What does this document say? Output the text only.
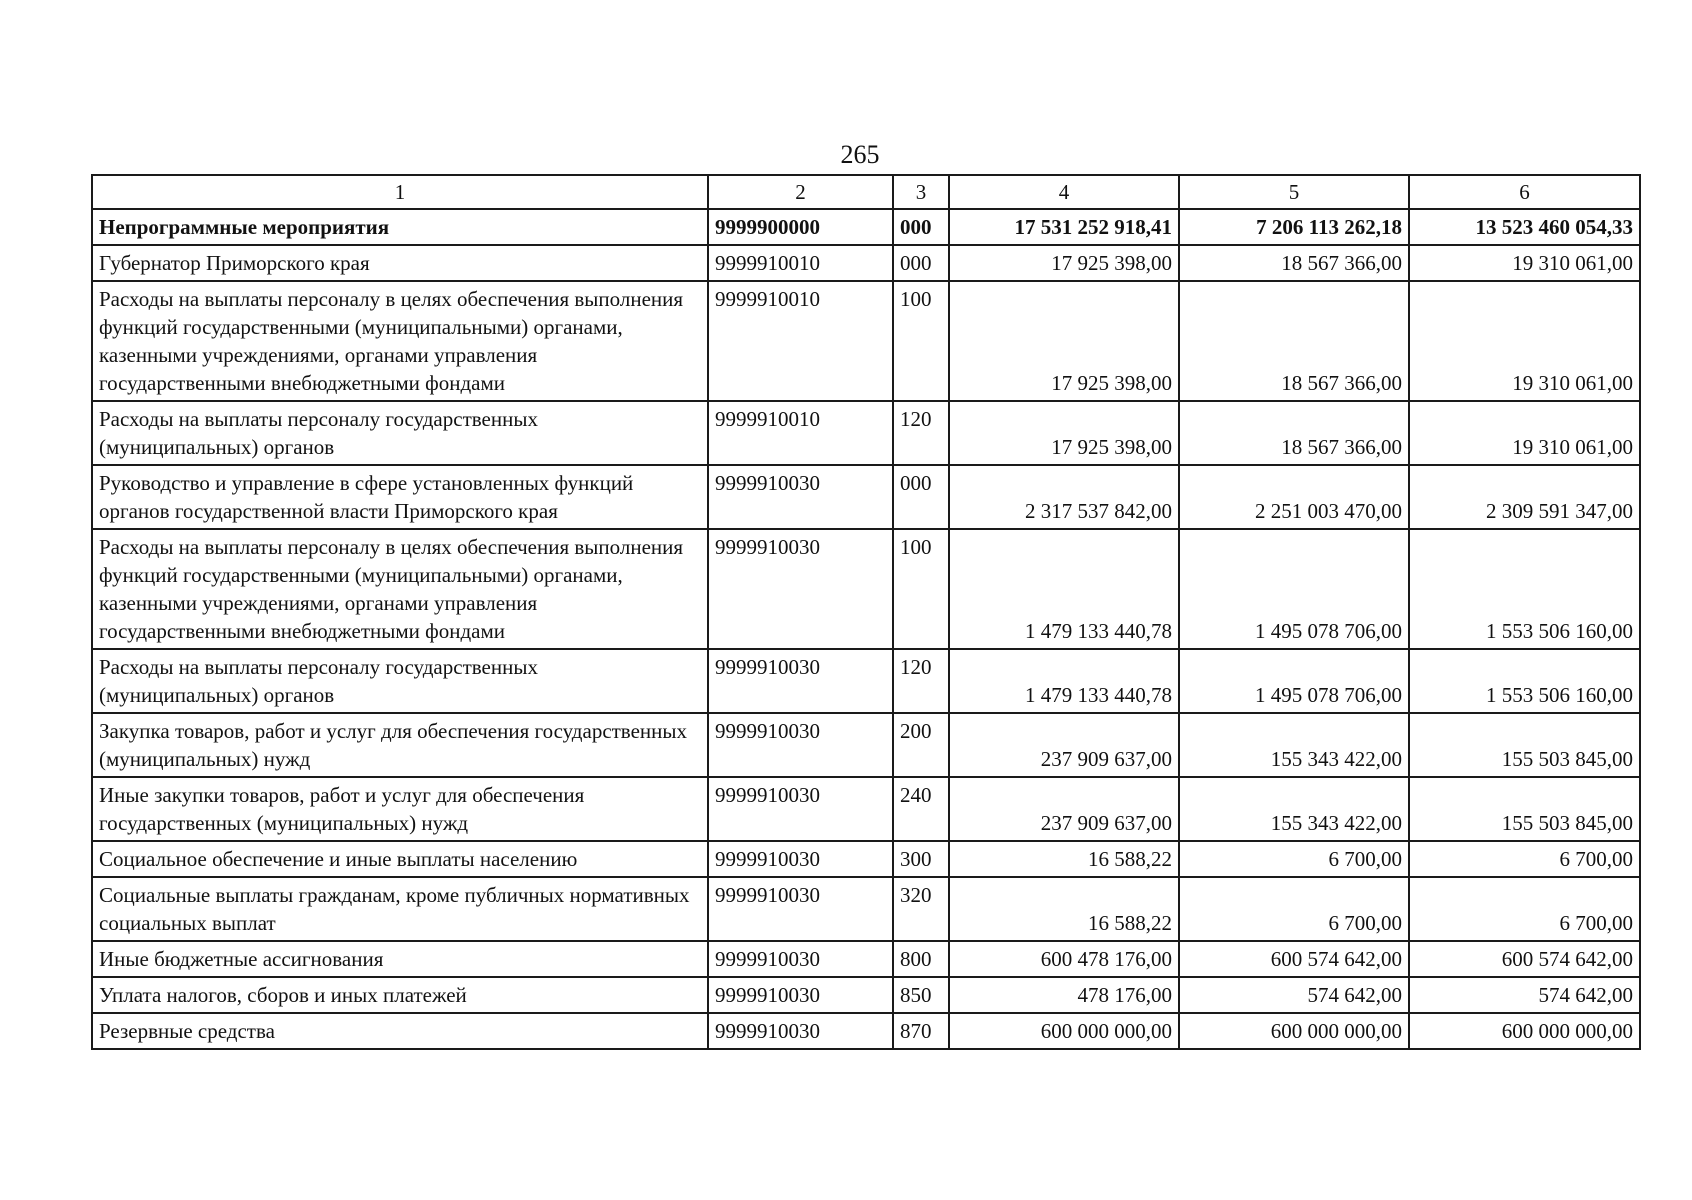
265
1	2	3	4	5	6
Непрограммные мероприятия	9999900000	000	17 531 252 918,41	7 206 113 262,18	13 523 460 054,33
Губернатор Приморского края	9999910010	000	17 925 398,00	18 567 366,00	19 310 061,00
Расходы на выплаты персоналу в целях обеспечения выполнения функций государственными (муниципальными) органами, казенными учреждениями, органами управления государственными внебюджетными фондами	9999910010	100	17 925 398,00	18 567 366,00	19 310 061,00
Расходы на выплаты персоналу государственных (муниципальных) органов	9999910010	120	17 925 398,00	18 567 366,00	19 310 061,00
Руководство и управление в сфере установленных функций органов государственной власти Приморского края	9999910030	000	2 317 537 842,00	2 251 003 470,00	2 309 591 347,00
Расходы на выплаты персоналу в целях обеспечения выполнения функций государственными (муниципальными) органами, казенными учреждениями, органами управления государственными внебюджетными фондами	9999910030	100	1 479 133 440,78	1 495 078 706,00	1 553 506 160,00
Расходы на выплаты персоналу государственных (муниципальных) органов	9999910030	120	1 479 133 440,78	1 495 078 706,00	1 553 506 160,00
Закупка товаров, работ и услуг для обеспечения государственных (муниципальных) нужд	9999910030	200	237 909 637,00	155 343 422,00	155 503 845,00
Иные закупки товаров, работ и услуг для обеспечения государственных (муниципальных) нужд	9999910030	240	237 909 637,00	155 343 422,00	155 503 845,00
Социальное обеспечение и иные выплаты населению	9999910030	300	16 588,22	6 700,00	6 700,00
Социальные выплаты гражданам, кроме публичных нормативных социальных выплат	9999910030	320	16 588,22	6 700,00	6 700,00
Иные бюджетные ассигнования	9999910030	800	600 478 176,00	600 574 642,00	600 574 642,00
Уплата налогов, сборов и иных платежей	9999910030	850	478 176,00	574 642,00	574 642,00
Резервные средства	9999910030	870	600 000 000,00	600 000 000,00	600 000 000,00
